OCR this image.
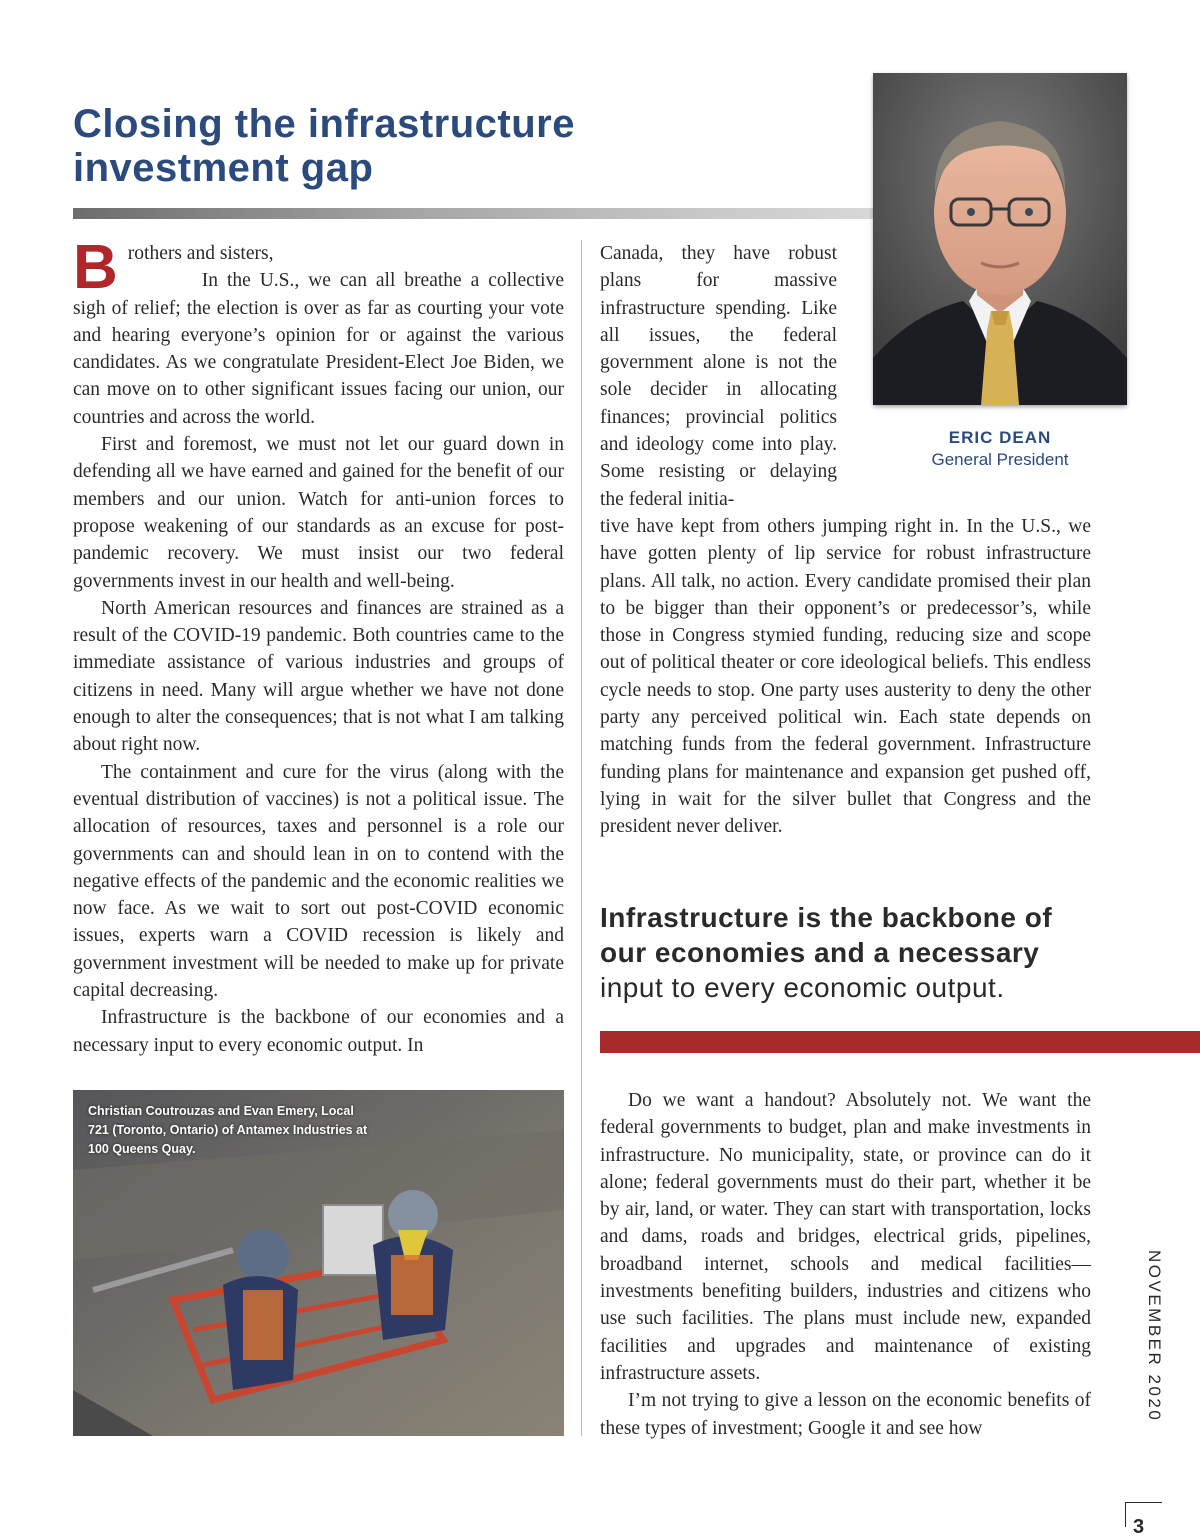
Closing the infrastructure investment gap
ERIC DEAN
General President
B rothers and sisters,

In the U.S., we can all breathe a collective sigh of relief; the election is over as far as courting your vote and hearing everyone’s opinion for or against the various candidates. As we congratulate President-Elect Joe Biden, we can move on to other significant issues facing our union, our countries and across the world.

First and foremost, we must not let our guard down in defending all we have earned and gained for the benefit of our members and our union. Watch for anti-union forces to propose weakening of our standards as an excuse for post-pandemic recovery. We must insist our two federal governments invest in our health and well-being.

North American resources and finances are strained as a result of the COVID-19 pandemic. Both countries came to the immediate assistance of various industries and groups of citizens in need. Many will argue whether we have not done enough to alter the consequences; that is not what I am talking about right now.

The containment and cure for the virus (along with the eventual distribution of vaccines) is not a political issue. The allocation of resources, taxes and personnel is a role our governments can and should lean in on to contend with the negative effects of the pandemic and the economic realities we now face. As we wait to sort out post-COVID economic issues, experts warn a COVID recession is likely and government investment will be needed to make up for private capital decreasing.

Infrastructure is the backbone of our economies and a necessary input to every economic output. In

Canada, they have robust plans for massive infrastructure spending. Like all issues, the federal government alone is not the sole decider in allocating finances; provincial politics and ideology come into play. Some resisting or delaying the federal initia-

tive have kept from others jumping right in. In the U.S., we have gotten plenty of lip service for robust infrastructure plans. All talk, no action. Every candidate promised their plan to be bigger than their opponent’s or predecessor’s, while those in Congress stymied funding, reducing size and scope out of political theater or core ideological beliefs. This endless cycle needs to stop. One party uses austerity to deny the other party any perceived political win. Each state depends on matching funds from the federal government. Infrastructure funding plans for maintenance and expansion get pushed off, lying in wait for the silver bullet that Congress and the president never deliver.

Infrastructure is the backbone of our economies and a necessary input to every economic output.

Do we want a handout? Absolutely not. We want the federal governments to budget, plan and make investments in infrastructure. No municipality, state, or province can do it alone; federal governments must do their part, whether it be by air, land, or water. They can start with transportation, locks and dams, roads and bridges, electrical grids, pipelines, broadband internet, schools and medical facilities—investments benefiting builders, industries and citizens who use such facilities. The plans must include new, expanded facilities and upgrades and maintenance of existing infrastructure assets.

I’m not trying to give a lesson on the economic benefits of these types of investment; Google it and see how

Christian Coutrouzas and Evan Emery, Local 721 (Toronto, Ontario) of Antamex Industries at 100 Queens Quay.
NOVEMBER 2020
3
